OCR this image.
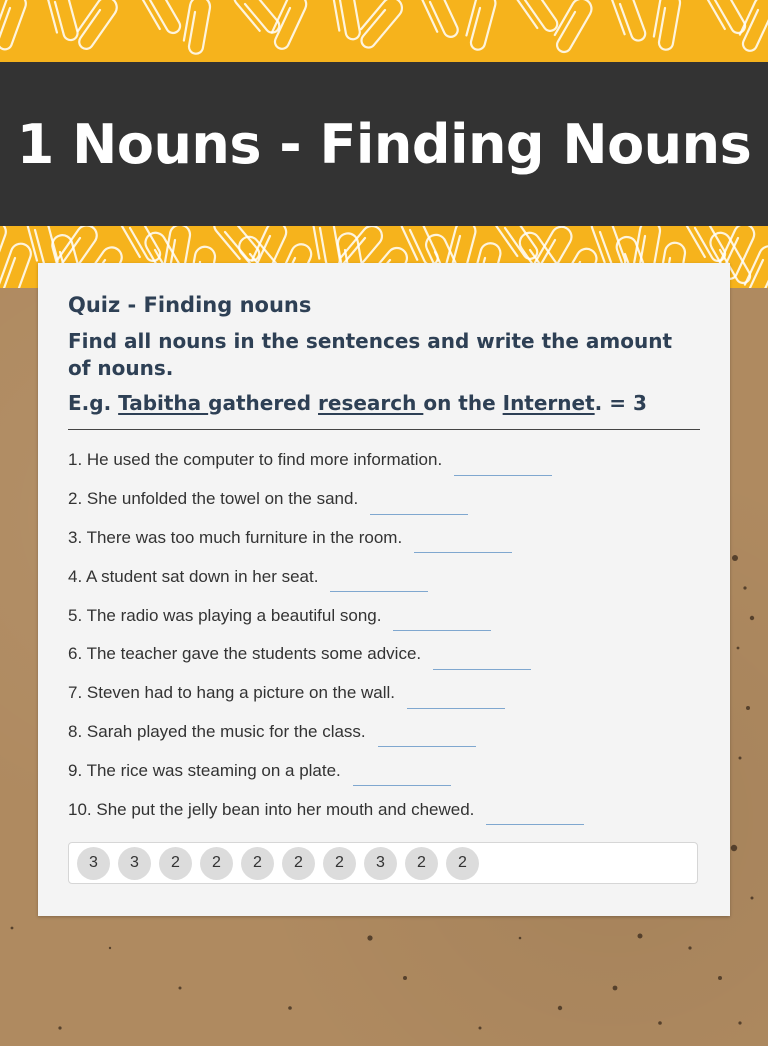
1 Nouns - Finding Nouns
Quiz - Finding nouns

Find all nouns in the sentences and write the amount of nouns.

E.g. Tabitha gathered research on the Internet. = 3

1. He used the computer to find more information.
2. She unfolded the towel on the sand.
3. There was too much furniture in the room.
4. A student sat down in her seat.
5. The radio was playing a beautiful song.
6. The teacher gave the students some advice.
7. Steven had to hang a picture on the wall.
8. Sarah played the music for the class.
9. The rice was steaming on a plate.
10. She put the jelly bean into her mouth and chewed.
3	3	2	2	2	2	2	3	2	2
